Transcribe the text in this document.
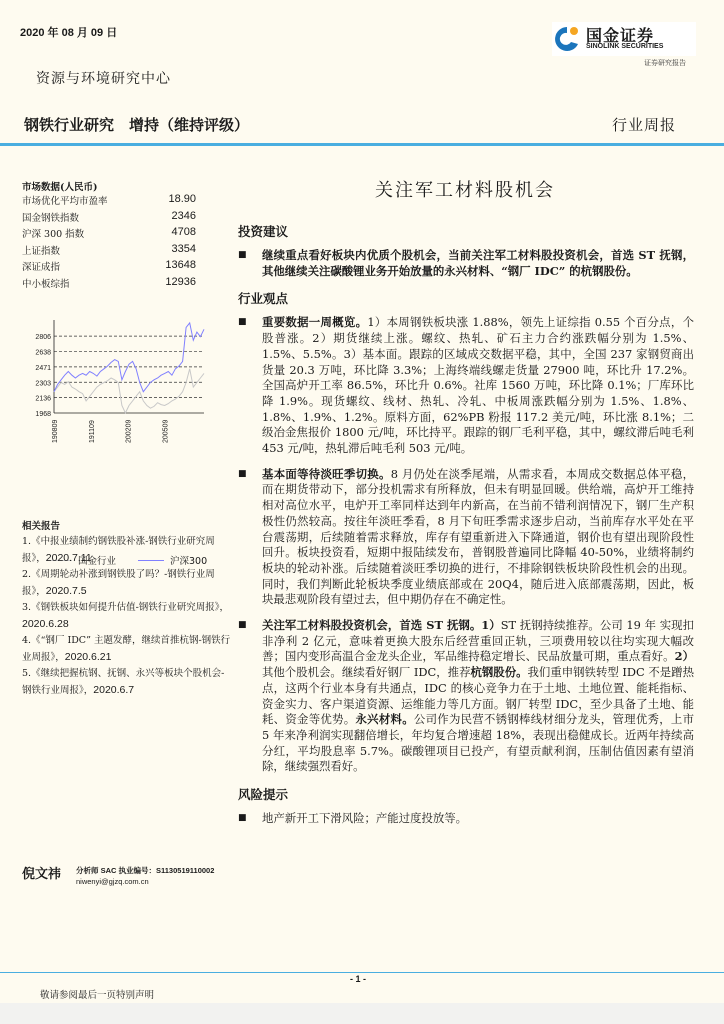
2020 年 08 月 09 日	国金证券
SINOLINK SECURITIES
证券研究报告
资源与环境研究中心
钢铁行业研究　增持（维持评级）	行业周报
市场数据(人民币)
市场优化平均市盈率	18.90
国金钢铁指数	2346
沪深 300 指数	4708
上证指数	3354
深证成指	13648
中小板综指	12936
2806
2638
2471
2303
2136
1968
190809	191109	200209	200509
国金行业	沪深300
相关报告
1.《中报业绩制约钢铁股补涨-钢铁行业研究周报》，2020.7.11
2.《周期轮动补涨到钢铁股了吗？-钢铁行业周报》，2020.7.5
3.《钢铁板块如何提升估值-钢铁行业研究周报》，2020.6.28
4.《“钢厂 IDC” 主题发酵，继续首推杭钢-钢铁行业周报》，2020.6.21
5.《继续把握杭钢、抚钢、永兴等板块个股机会-钢铁行业周报》，2020.6.7
关注军工材料股机会
投资建议
■	继续重点看好板块内优质个股机会，当前关注军工材料股投资机会，首选 ST 抚钢，其他继续关注碳酸锂业务开始放量的永兴材料、“钢厂 IDC” 的杭钢股份。
行业观点
■	重要数据一周概览。1）本周钢铁板块涨 1.88%，领先上证综指 0.55 个百分点，个股普涨。2）期货继续上涨。螺纹、热轧、矿石主力合约涨跌幅分别为 1.5%、1.5%、5.5%。3）基本面。跟踪的区域成交数据平稳，其中，全国 237 家钢贸商出货量 20.3 万吨，环比降 3.3%；上海终端线螺走货量 27900 吨，环比升 17.2%。全国高炉开工率 86.5%，环比升 0.6%。社库 1560 万吨，环比降 0.1%；厂库环比降 1.9%。现货螺纹、线材、热轧、冷轧、中板周涨跌幅分别为 1.5%、1.8%、1.8%、1.9%、1.2%。原料方面，62%PB 粉报 117.2 美元/吨，环比涨 8.1%；二级冶金焦报价 1800 元/吨，环比持平。跟踪的钢厂毛利平稳，其中，螺纹滞后吨毛利 453 元/吨，热轧滞后吨毛利 503 元/吨。
■	基本面等待淡旺季切换。8 月仍处在淡季尾端，从需求看，本周成交数据总体平稳，而在期货带动下，部分投机需求有所释放，但未有明显回暖。供给端，高炉开工维持相对高位水平，电炉开工率同样达到年内新高，在当前不错利润情况下，钢厂生产积极性仍然较高。按往年淡旺季看，8 月下旬旺季需求逐步启动，当前库存水平处在平台震荡期，后续随着需求释放，库存有望重新进入下降通道，钢价也有望出现阶段性回升。板块投资看，短期中报陆续发布，普钢股普遍同比降幅 40-50%，业绩将制约板块的轮动补涨。后续随着淡旺季切换的进行，不排除钢铁板块阶段性机会的出现。同时，我们判断此轮板块季度业绩底部或在 20Q4，随后进入底部震荡期，因此，板块最悲观阶段有望过去，但中期仍存在不确定性。
■	关注军工材料股投资机会，首选 ST 抚钢。1）ST 抚钢持续推荐。公司 19 年 实现扣非净利 2 亿元，意味着更换大股东后经营重回正轨，三项费用较以往均实现大幅改善；国内变形高温合金龙头企业，军品维持稳定增长、民品放量可期，重点看好。2）其他个股机会。继续看好钢厂 IDC，推荐杭钢股份。我们重申钢铁转型 IDC 不是蹭热点，这两个行业本身有共通点，IDC 的核心竞争力在于土地、土地位置、能耗指标、资金实力、客户渠道资源、运维能力等几方面。钢厂转型 IDC，至少具备了土地、能耗、资金等优势。永兴材料。公司作为民营不锈钢棒线材细分龙头，管理优秀，上市 5 年来净利润实现翻倍增长，年均复合增速超 18%，表现出稳健成长。近两年持续高分红，平均股息率 5.7%。碳酸锂项目已投产，有望贡献利润，压制估值因素有望消除，继续强烈看好。
风险提示
■	地产新开工下滑风险；产能过度投放等。
倪文祎 分析师 SAC 执业编号：S1130519110002
niwenyi@gjzq.com.cn
- 1 -
敬请参阅最后一页特别声明
